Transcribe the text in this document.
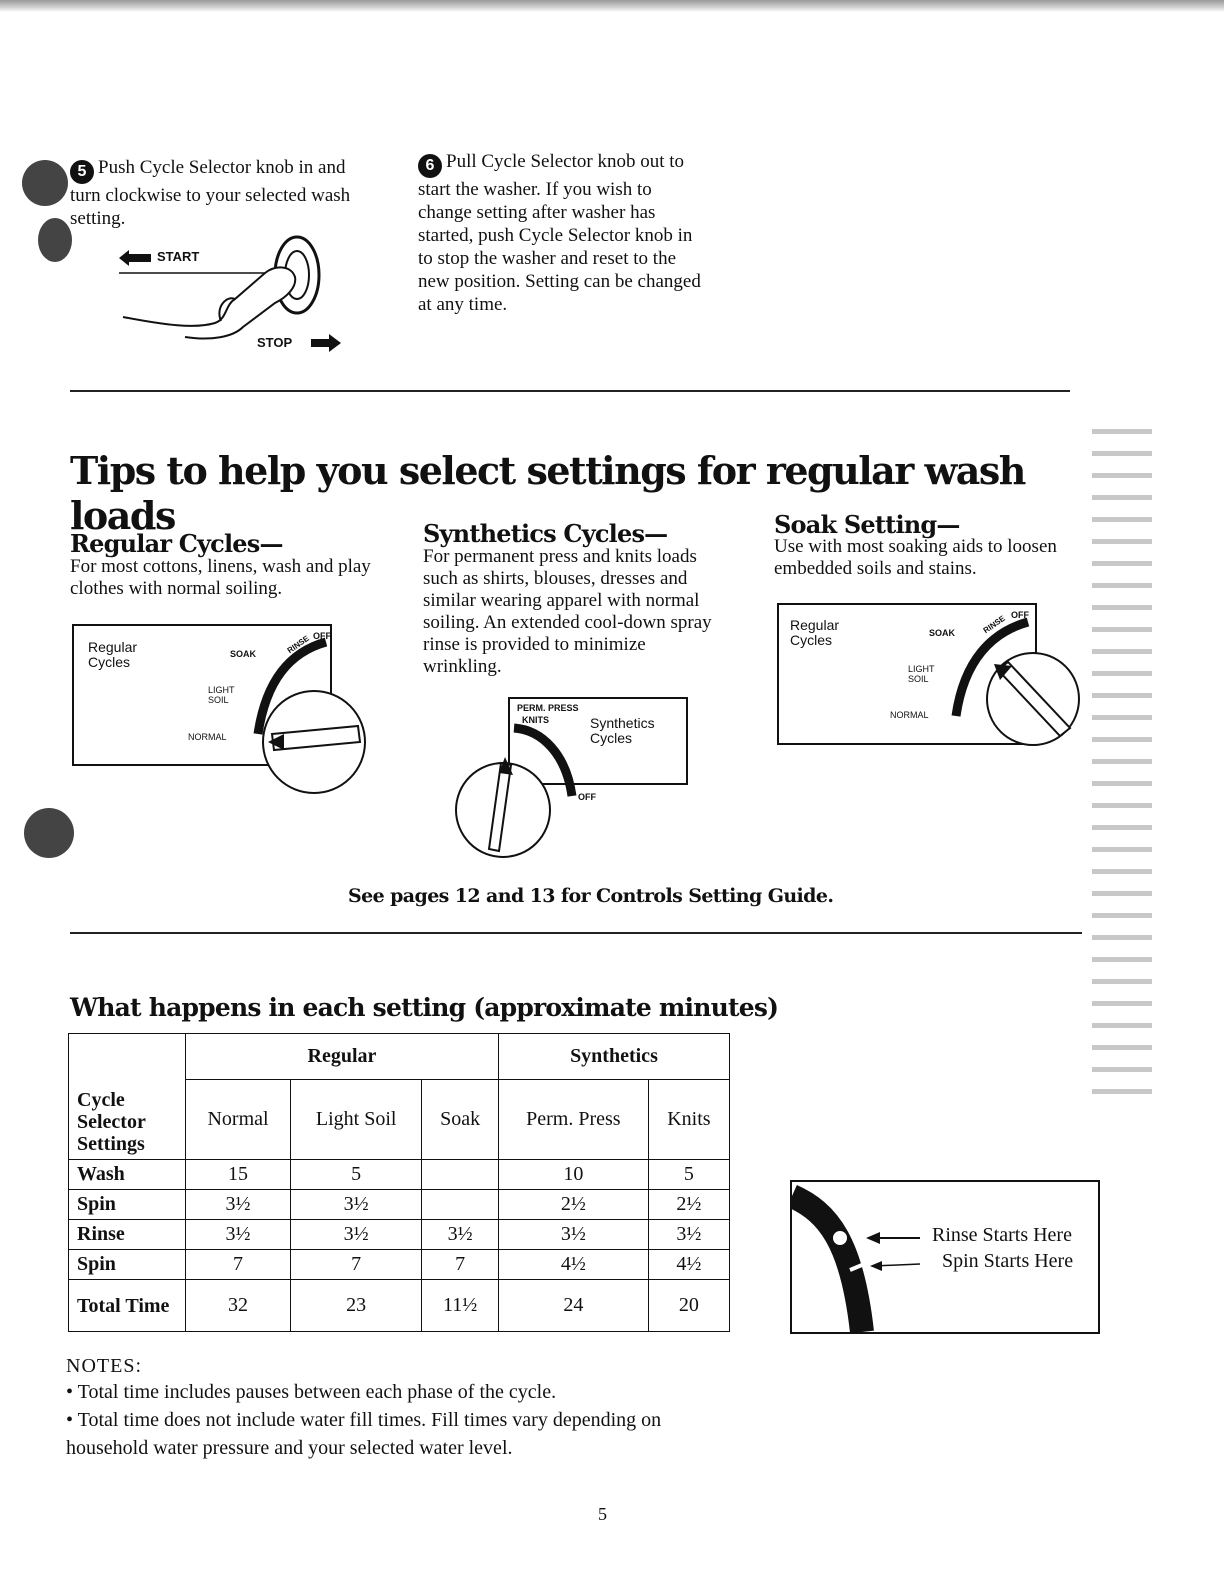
5 Push Cycle Selector knob in and turn clockwise to your selected wash setting.
START
STOP
6 Pull Cycle Selector knob out to start the washer. If you wish to change setting after washer has started, push Cycle Selector knob in to stop the washer and reset to the new position. Setting can be changed at any time.
Tips to help you select settings for regular wash loads
Regular Cycles—
For most cottons, linens, wash and play clothes with normal soiling.
Regular Cycles	SOAK	RINSE OFF
LIGHT SOIL
NORMAL
Synthetics Cycles—
For permanent press and knits loads such as shirts, blouses, dresses and similar wearing apparel with normal soiling. An extended cool-down spray rinse is provided to minimize wrinkling.
PERM. PRESS
KNITS	Synthetics Cycles
OFF
Soak Setting—
Use with most soaking aids to loosen embedded soils and stains.
Regular Cycles	SOAK	RINSE OFF
LIGHT SOIL
NORMAL
See pages 12 and 13 for Controls Setting Guide.
What happens in each setting (approximate minutes)
Cycle Selector Settings	Regular			Synthetics	
	Normal	Light Soil	Soak	Perm. Press	Knits
Wash	15	5		10	5
Spin	3½	3½		2½	2½
Rinse	3½	3½	3½	3½	3½
Spin	7	7	7	4½	4½
Total Time	32	23	11½	24	20
Rinse Starts Here
Spin Starts Here
NOTES:
• Total time includes pauses between each phase of the cycle.
• Total time does not include water fill times. Fill times vary depending on household water pressure and your selected water level.
5
